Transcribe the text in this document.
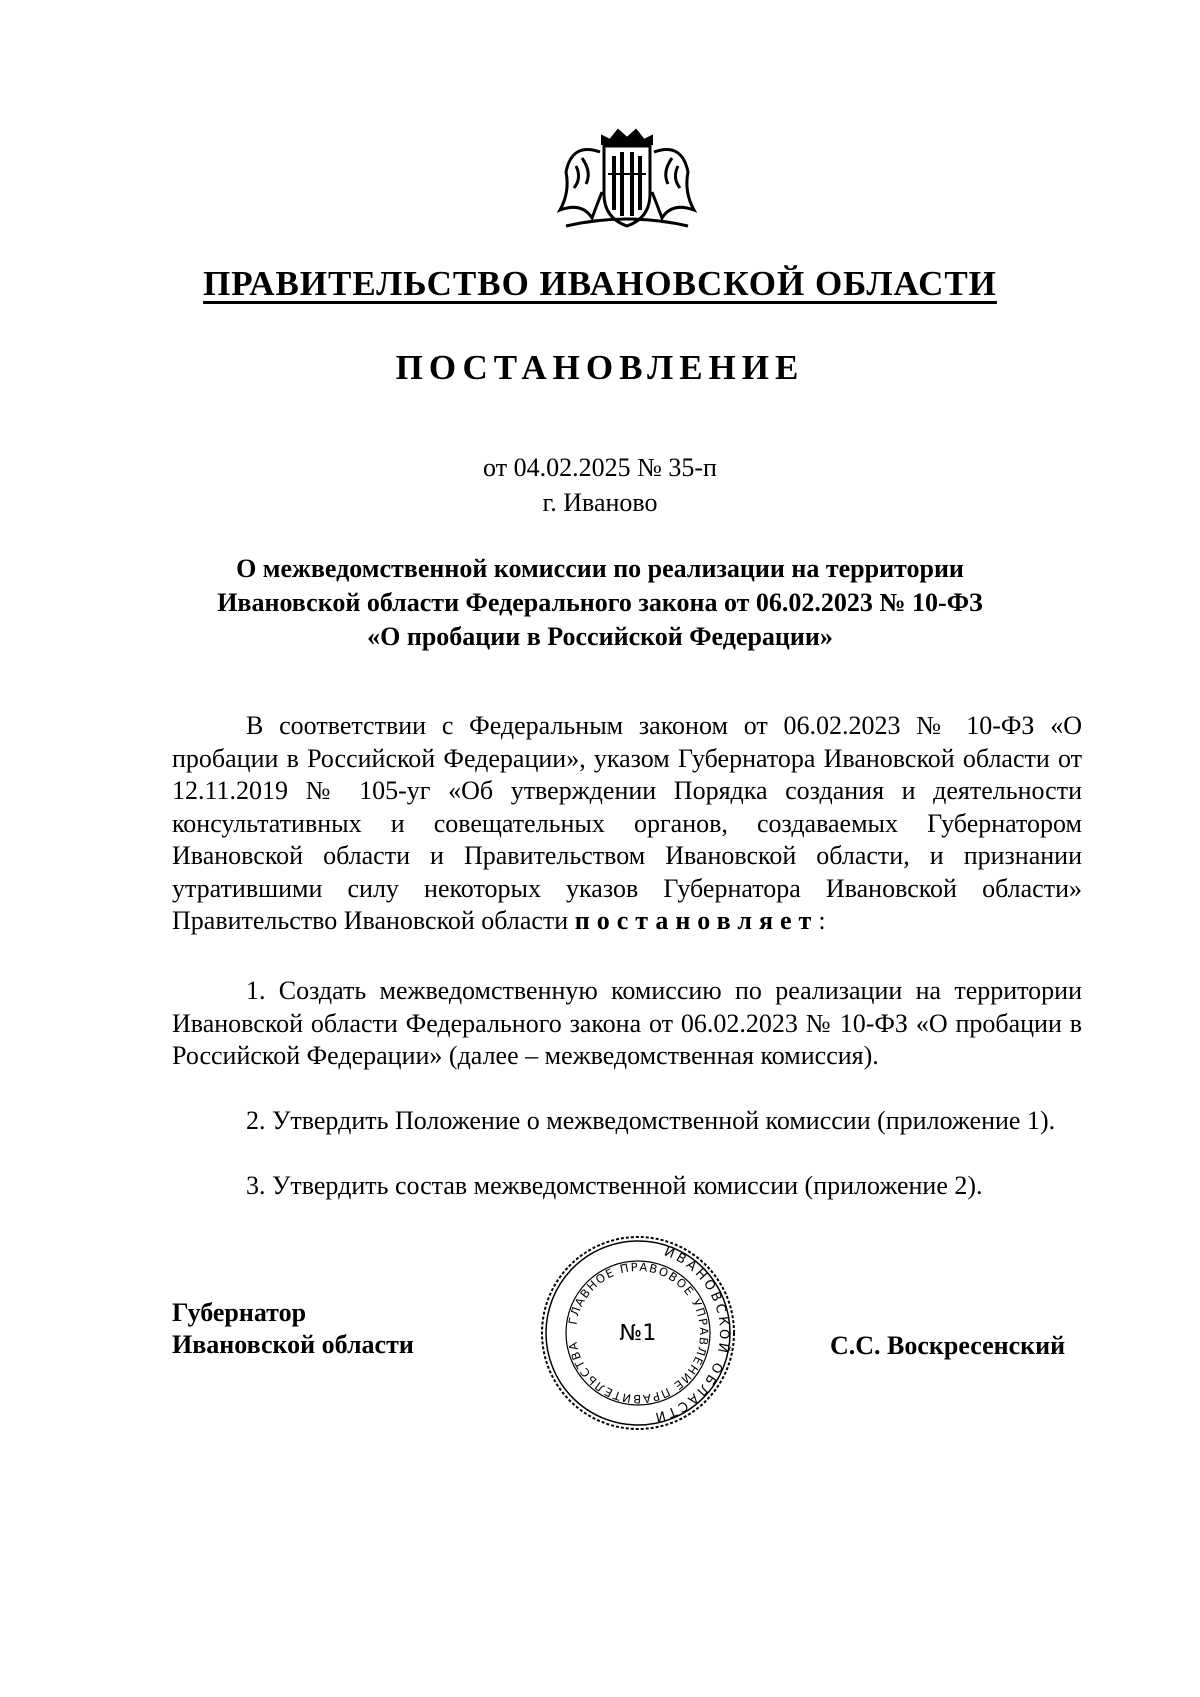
ПРАВИТЕЛЬСТВО ИВАНОВСКОЙ ОБЛАСТИ
ПОСТАНОВЛЕНИЕ
от 04.02.2025 № 35-п
г. Иваново
О межведомственной комиссии по реализации на территории
Ивановской области Федерального закона от 06.02.2023 № 10-ФЗ
«О пробации в Российской Федерации»
В соответствии с Федеральным законом от 06.02.2023 № 10-ФЗ «О пробации в Российской Федерации», указом Губернатора Ивановской области от 12.11.2019 № 105-уг «Об утверждении Порядка создания и деятельности консультативных и совещательных органов, создаваемых Губернатором Ивановской области и Правительством Ивановской области, и признании утратившими силу некоторых указов Губернатора Ивановской области» Правительство Ивановской области постановляет:
1. Создать межведомственную комиссию по реализации на территории Ивановской области Федерального закона от 06.02.2023 № 10-ФЗ «О пробации в Российской Федерации» (далее – межведомственная комиссия).
2. Утвердить Положение о межведомственной комиссии (приложение 1).
3. Утвердить состав межведомственной комиссии (приложение 2).
Губернатор
Ивановской области	С.С. Воскресенский
ИВАНОВСКОЙ ОБЛАСТИ
ГЛАВНОЕ ПРАВОВОЕ УПРАВЛЕНИЕ ПРАВИТЕЛЬСТВА	№1
